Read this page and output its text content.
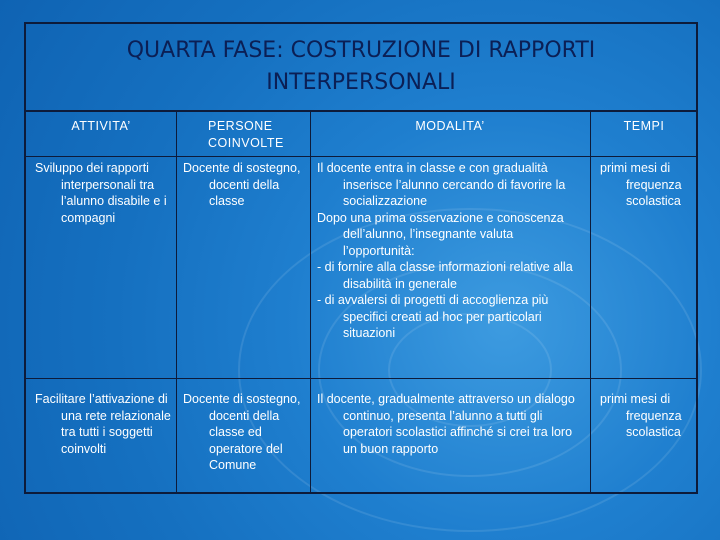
QUARTA FASE: COSTRUZIONE DI RAPPORTI INTERPERSONALI
ATTIVITA’	PERSONE COINVOLTE
MODALITA’	TEMPI

Sviluppo dei rapporti interpersonali tra l’alunno disabile e i compagni

Docente di sostegno, docenti della classe

Il docente entra in classe e con gradualità inserisce l’alunno cercando di favorire la socializzazione

Dopo una prima osservazione e conoscenza dell’alunno, l’insegnante valuta l’opportunità:

- di fornire alla classe informazioni relative alla disabilità in generale

- di avvalersi di progetti di accoglienza più specifici creati ad hoc per particolari situazioni

primi mesi di frequenza scolastica

Facilitare l’attivazione di una rete relazionale tra tutti i soggetti coinvolti

Docente di sostegno, docenti della classe ed operatore del Comune

Il docente, gradualmente attraverso un dialogo continuo, presenta l’alunno a tutti gli operatori scolastici affinché si crei tra loro un buon rapporto

primi mesi di frequenza scolastica
